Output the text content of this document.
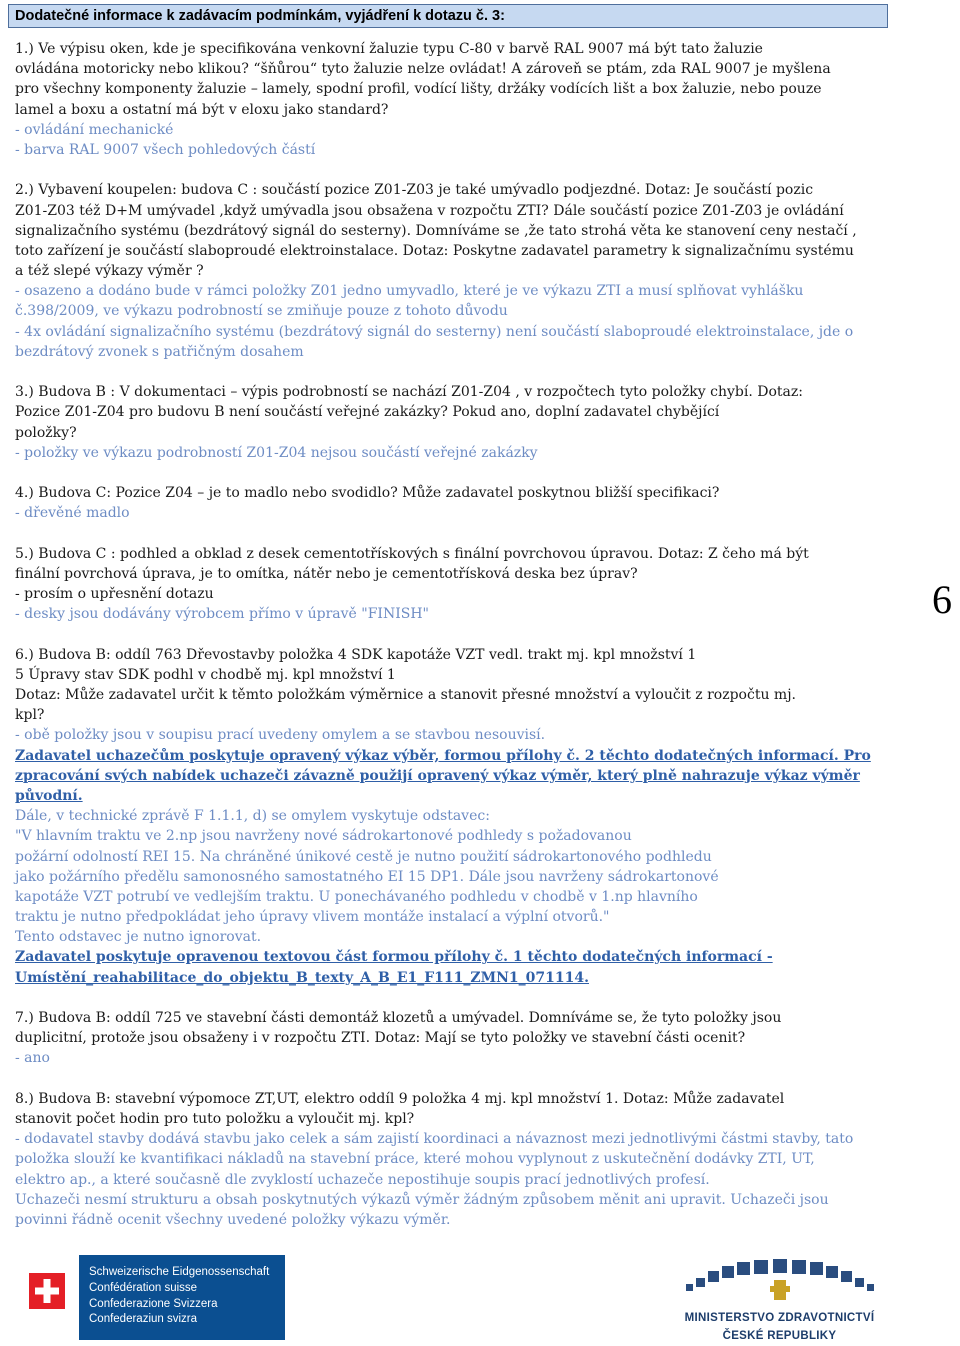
Dodatečné informace k zadávacím podmínkám, vyjádření k dotazu č. 3:
1.) Ve výpisu oken, kde je specifikována venkovní žaluzie typu C-80 v barvě RAL 9007 má být tato žaluzie
ovládána motoricky nebo klikou? “šňůrou“ tyto žaluzie nelze ovládat! A zároveň se ptám, zda RAL 9007 je myšlena
pro všechny komponenty žaluzie – lamely, spodní profil, vodící lišty, držáky vodících lišt a box žaluzie, nebo pouze
lamel a boxu a ostatní má být v eloxu jako standard?
- ovládání mechanické
- barva RAL 9007 všech pohledových částí
2.) Vybavení koupelen: budova C : součástí pozice Z01-Z03 je také umývadlo podjezdné. Dotaz: Je součástí pozic
Z01-Z03 též D+M umývadel ,když umývadla jsou obsažena v rozpočtu ZTI? Dále součástí pozice Z01-Z03 je ovládání
signalizačního systému (bezdrátový signál do sesterny). Domníváme se ,že tato strohá věta ke stanovení ceny nestačí ,
toto zařízení je součástí slaboproudé elektroinstalace. Dotaz: Poskytne zadavatel parametry k signalizačnímu systému
a též slepé výkazy výměr ?
- osazeno a dodáno bude v rámci položky Z01 jedno umyvadlo, které je ve výkazu ZTI a musí splňovat vyhlášku
č.398/2009, ve výkazu podrobností se zmiňuje pouze z tohoto důvodu
- 4x ovládání signalizačního systému (bezdrátový signál do sesterny) není součástí slaboproudé elektroinstalace, jde o
bezdrátový zvonek s patřičným dosahem
3.) Budova B : V dokumentaci – výpis podrobností se nachází Z01-Z04 , v rozpočtech tyto položky chybí. Dotaz:
Pozice Z01-Z04 pro budovu B není součástí veřejné zakázky? Pokud ano, doplní zadavatel chybějící
položky?
- položky ve výkazu podrobností Z01-Z04 nejsou součástí veřejné zakázky
4.) Budova C: Pozice Z04 – je to madlo nebo svodidlo? Může zadavatel poskytnou bližší specifikaci?
- dřevěné madlo
5.) Budova C : podhled a obklad z desek cementotřískových s finální povrchovou úpravou. Dotaz: Z čeho má být
finální povrchová úprava, je to omítka, nátěr nebo je cementotřísková deska bez úprav?
- prosím o upřesnění dotazu
- desky jsou dodávány výrobcem přímo v úpravě "FINISH"
6.) Budova B: oddíl 763 Dřevostavby položka 4 SDK kapotáže VZT vedl. trakt mj. kpl množství 1
5 Úpravy stav SDK podhl v chodbě mj. kpl množství 1
Dotaz: Může zadavatel určit k těmto položkám výměrnice a stanovit přesné množství a vyloučit z rozpočtu mj.
kpl?
- obě položky jsou v soupisu prací uvedeny omylem a se stavbou nesouvisí.
Zadavatel uchazečům poskytuje opravený výkaz výběr, formou přílohy č. 2 těchto dodatečných informací. Pro
zpracování svých nabídek uchazeči závazně použijí opravený výkaz výměr, který plně nahrazuje výkaz výměr
původní.
Dále, v technické zprávě F 1.1.1, d) se omylem vyskytuje odstavec:
"V hlavním traktu ve 2.np jsou navrženy nové sádrokartonové podhledy s požadovanou
požární odolností REI 15. Na chráněné únikové cestě je nutno použití sádrokartonového podhledu
jako požárního předělu samonosného samostatného EI 15 DP1. Dále jsou navrženy sádrokartonové
kapotáže VZT potrubí ve vedlejším traktu. U ponechávaného podhledu v chodbě v 1.np hlavního
traktu je nutno předpokládat jeho úpravy vlivem montáže instalací a výplní otvorů."
Tento odstavec je nutno ignorovat.
Zadavatel poskytuje opravenou textovou část formou přílohy č. 1 těchto dodatečných informací -
Umístění_reahabilitace_do_objektu_B_texty_A_B_E1_F111_ZMN1_071114.
7.) Budova B: oddíl 725 ve stavební části demontáž klozetů a umývadel. Domníváme se, že tyto položky jsou
duplicitní, protože jsou obsaženy i v rozpočtu ZTI. Dotaz: Mají se tyto položky ve stavební části ocenit?
- ano
8.) Budova B: stavební výpomoce ZT,UT, elektro oddíl 9 položka 4 mj. kpl množství 1. Dotaz: Může zadavatel
stanovit počet hodin pro tuto položku a vyloučit mj. kpl?
- dodavatel stavby dodává stavbu jako celek a sám zajistí koordinaci a návaznost mezi jednotlivými částmi stavby, tato
položka slouží ke kvantifikaci nákladů na stavební práce, které mohou vyplynout z uskutečnění dodávky ZTI, UT,
elektro ap., a které současně dle zvyklostí uchazeče nepostihuje soupis prací jednotlivých profesí.
Uchazeči nesmí strukturu a obsah poskytnutých výkazů výměr žádným způsobem měnit ani upravit. Uchazeči jsou
povinni řádně ocenit všechny uvedené položky výkazu výměr.
6
Schweizerische Eidgenossenschaft
Confédération suisse
Confederazione Svizzera
Confederaziun svizra	MINISTERSTVO ZDRAVOTNICTVÍ
ČESKÉ REPUBLIKY
